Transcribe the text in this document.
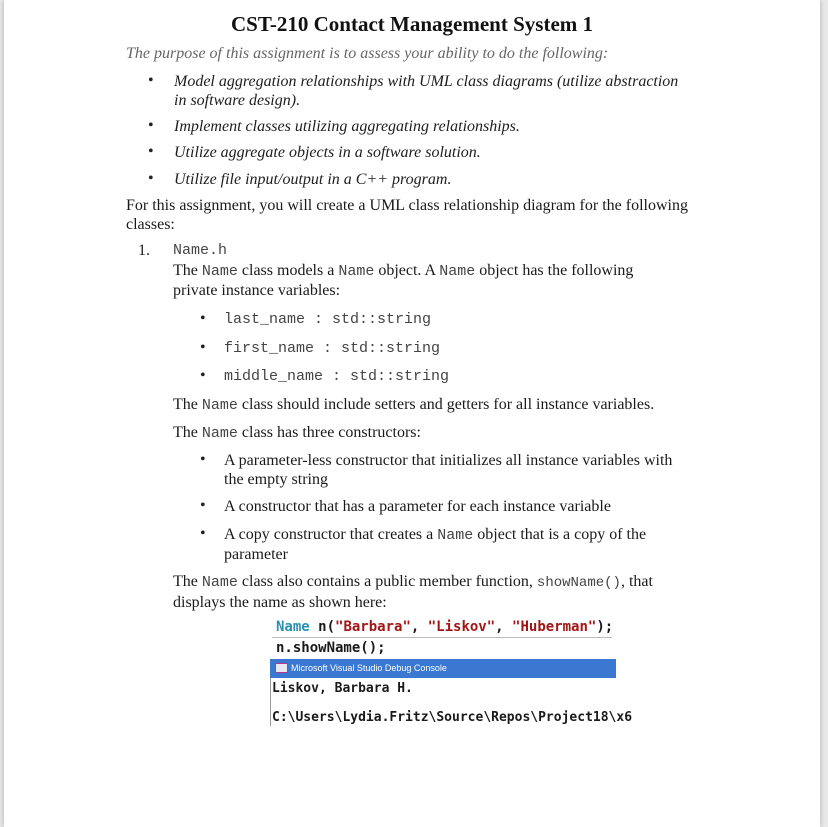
CST-210 Contact Management System 1
The purpose of this assignment is to assess your ability to do the following:
• Model aggregation relationships with UML class diagrams (utilize abstraction
in software design).
• Implement classes utilizing aggregating relationships.
• Utilize aggregate objects in a software solution.
• Utilize file input/output in a C++ program.
For this assignment, you will create a UML class relationship diagram for the following
classes:
1. Name.h
The Name class models a Name object. A Name object has the following
private instance variables:
• last_name : std::string
• first_name : std::string
• middle_name : std::string
The Name class should include setters and getters for all instance variables.
The Name class has three constructors:
• A parameter-less constructor that initializes all instance variables with
the empty string
• A constructor that has a parameter for each instance variable
• A copy constructor that creates a Name object that is a copy of the
parameter
The Name class also contains a public member function, showName(), that
displays the name as shown here:
Name n("Barbara", "Liskov", "Huberman");
n.showName();
Microsoft Visual Studio Debug Console
Liskov, Barbara H.
C:\Users\Lydia.Fritz\Source\Repos\Project18\x6
